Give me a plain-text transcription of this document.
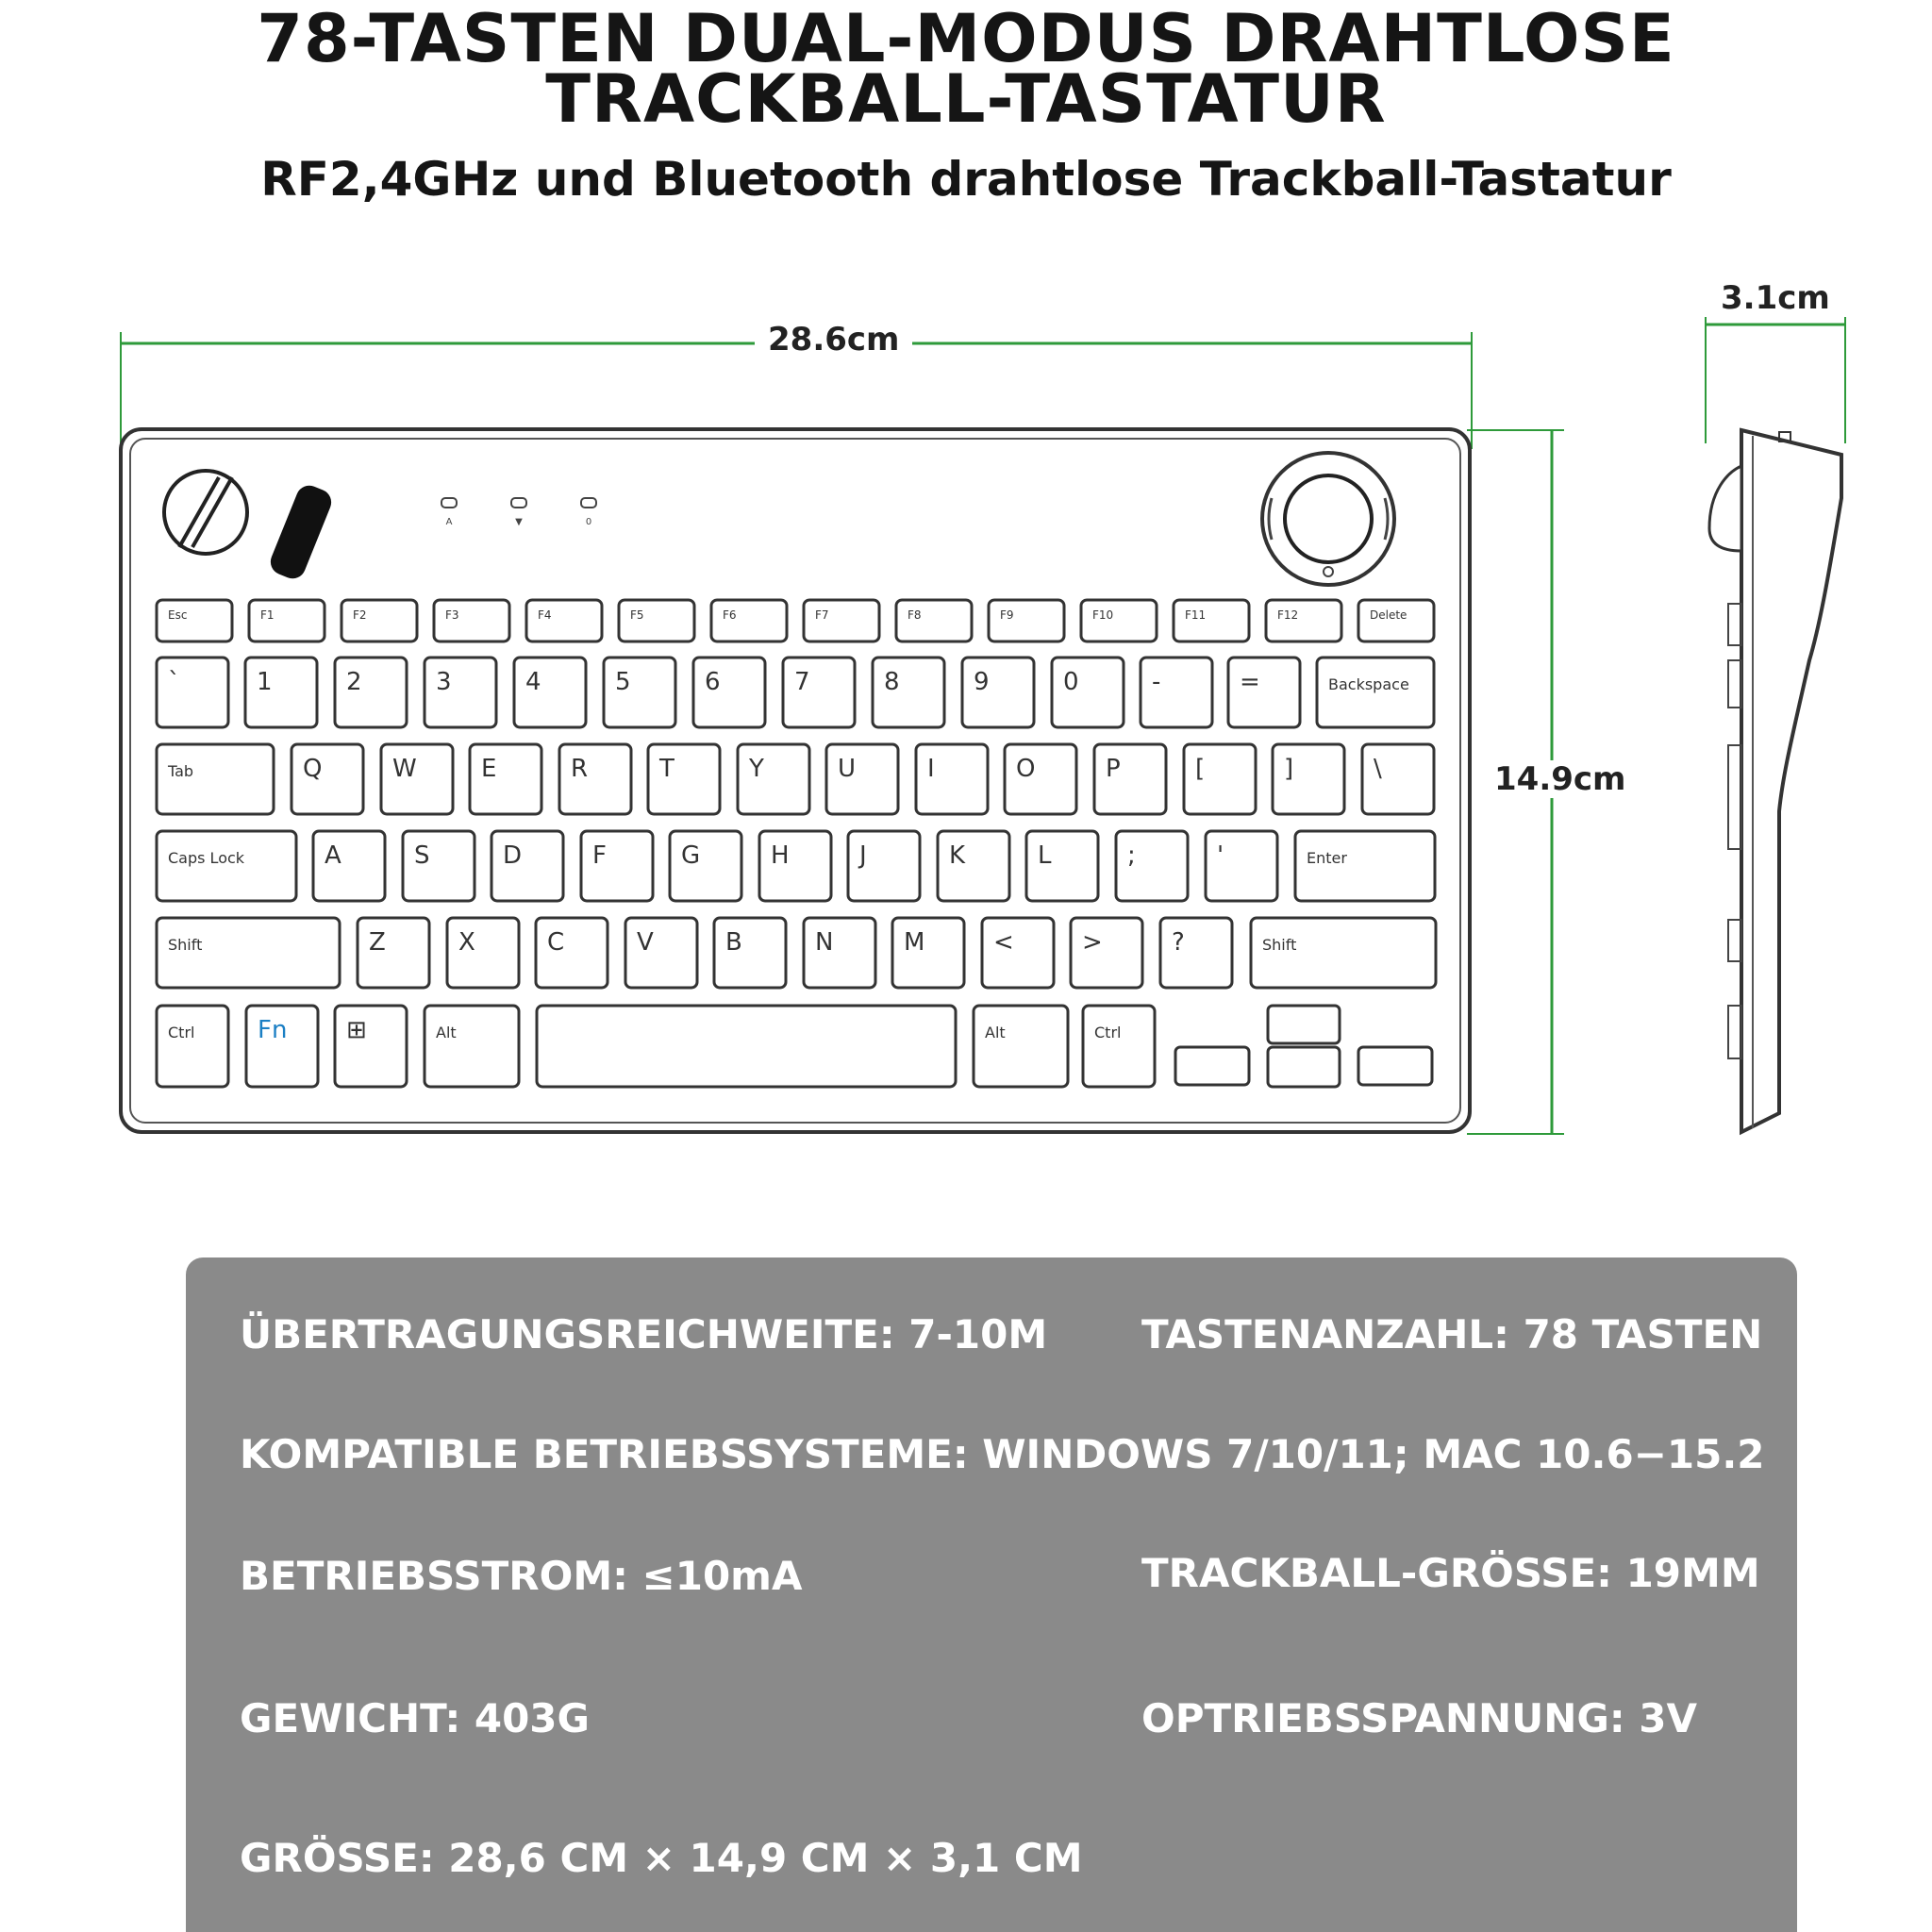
78-TASTEN DUAL-MODUS DRAHTLOSE
TRACKBALL-TASTATUR
RF2,4GHz und Bluetooth drahtlose Trackball-Tastatur
28.6cm
14.9cm
3.1cm
A	▼	0
Esc	F1	F2	F3	F4	F5	F6	F7	F8	F9	F10	F11	F12	Delete
`	1	2	3	4	5	6	7	8	9	0	-	=	Backspace
Tab	Q	W	E	R	T	Y	U	I	O	P	[	]	\
Caps Lock	A	S	D	F	G	H	J	K	L	;	'	Enter
Shift	Z	X	C	V	B	N	M	<	>	?	Shift
Ctrl	Fn ⊞	Alt	Alt	Ctrl
ÜBERTRAGUNGSREICHWEITE: 7-10M TASTENANZAHL: 78 TASTEN
KOMPATIBLE BETRIEBSSYSTEME: WINDOWS 7/10/11; MAC 10.6−15.2
BETRIEBSSTROM: ≤10mA	TRACKBALL-GRÖSSE: 19MM
GEWICHT: 403G	OPTRIEBSSPANNUNG: 3V
GRÖSSE: 28,6 CM × 14,9 CM × 3,1 CM
